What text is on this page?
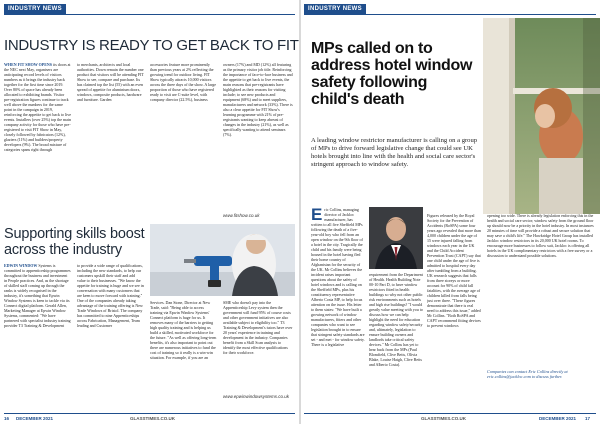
INDUSTRY NEWS
INDUSTRY IS READY TO GET BACK TO FIT
WHEN FIT SHOW OPENS its doors at the NEC next May, organisers are anticipating record levels of visitors numbers as it brings the industry back together for the first time since 2019. Over 80% of space has already been allocated to exhibiting brands. Visitor pre-registration figures continue to track well above the numbers for the same point in the campaign in 2019, reinforcing the appetite to get back to live events. Installers (over 25%) top the main company activity for those who have pre-registered to visit FIT Show in May, closely followed by fabricators (12%), glaziers (11%) and builders/property developers (9%). The broad mixture of categories spans right through
to merchants, architects and local authorities. Down remain the number one product that visitors will be attending FIT Show to see, compare and purchase. Its has claimed top the list (55) with an even spread of appetite for aluminium doors, windows, composite products, hardware and furniture. Garden
accessories feature more prominently than previous years at 2% reflecting the growing trend for outdoor living. FIT Show typically attracts 10,000 visitors across the three days of the show. A large proportion of those who have registered ready to visit are C-suite level, with company director (22.5%), business
owners (17%) and MD (12%) all featuring as the primary visitor job title. Reinforcing the importance of face-to-face business and the appetite to get back to live events, the main reasons that pre-registrants have highlighted as their reasons for visiting include; to see new products and equipment (68%) and to meet suppliers, manufacturers and network (33%). There is also a clear appetite for FIT Show's learning programme with 21% of pre-registrants wanting to keep abreast of changes in the industry (21%), as well as specifically wanting to attend seminars (7%).
www.fitshow.co.uk
Supporting skills boost across the industry
EDWIN WINDOW Systems is committed to apprenticeship programmes throughout the business and investment in People practices. And, as the shortage of skilled staff coming up through the ranks is widely recognised in the industry, it's something that Epwin Window Systems is keen to tackle via its Connect digital platform. Gerald Allen, Marketing Manager at Epwin Window Systems, commented: "We have partnered with specialist industry training provider T3 Training & Development
to provide a wide range of qualifications, including the new standards, to help our customers upskill their staff and add value to their businesses. "We know the appetite for training is huge and we see in conversation with many customers that are keen to move forward with training." One of the companies already taking advantage of the training offering is New Trade Windows of Bristol. The company has committed to nine Apprenticeships across Fabrication, Management, Team leading and Customer
Services. Dan Stone, Director at New Trade, said: "Being able to access training via Epwin Window Systems' Connect platform is huge for us. It removes many of the barriers to getting high quality training and is helping us build a skilled, motivated workforce for the future. "As well as offering long-term benefits, it's also important to point out there are numerous initiatives to fund the cost of training so it really is a win-win situation. For example, if you are an
SME who doesn't pay into the Apprenticeship Levy system then the government will fund 95% of course costs and other government initiatives are also available subject to eligibility too." T3 Training & Development's tutors have over 20 years' experience in training and development in the industry. Companies benefit from a Skill Scan analysis to identify the most effective qualifications for their workforce.
www.epwinwindowsystems.co.uk
16 DECEMBER 2021	GLASSTIMES.CO.UK
INDUSTRY NEWS
MPs called on to address hotel window safety following child's death
A leading window restrictor manufacturer is calling on a group of MPs to drive forward legislative change that could see UK hotels brought into line with the health and social care sector's stringent approach to window safety.
E ric Collins, managing director of Jackloc manufacturer, has written to all five Sheffield MPs following the death of a five-year-old boy who fell from an open window on the 9th floor of a hotel in the city. Tragically the child and his family were being housed in the hotel having fled their home country of Afghanistan for the security of the UK. Mr Collins believes the incident raises important questions about the safety of hotel windows and is calling on the Sheffield MPs, plus his constituency representative Alberto Costa MP, to help focus attention on the issue. His letter to them states: "We have built a growing network of window manufacturers, fitters and other companies who want to see legislation brought in to ensure that stringent safety standards are set - and met - for window safety. There is a legislative
requirement from the Department of Health. Health Building Note 00-10 Part D, to have window restrictors fitted in health buildings so why not other public risk environments such as hotels and high rise buildings? "I would greatly value meeting with you to discuss how we can help highlight the need for education regarding window safety/security and, ultimately, legislation to ensure building owners and landlords take critical safety devices." Mr Collins has yet to hear back from the MPs (Paul Blomfield, Clive Betts, Olivia Blake, Louise Haigh, Clive Betts and Alberto Costa).
Figures released by the Royal Society for the Prevention of Accidents (RoSPA) some four years ago revealed that more than 4,000 children under the age of 15 were injured falling from windows each year in the UK and the Child Accident Prevention Trust (CAPT) say that one child under the age of five is admitted to hospital every day after tumbling from a building. UK research suggests that falls from three storeys or more account for 90% of child fall fatalities, with the average age of children killed from falls being just over three. "These figures demonstrate that there is real need to address this issue," added Mr Collins. "Both RoSPA and CAPT recommend fitting devices to prevent windows
opening too wide. There is already legislation enforcing this in the health and social care sector; window safety from the ground floor up should now be a priority in the hotel industry. In most instances 20 minutes of time will provide a robust and secure solution that may save a child's life." The Hawkridge Hotel Group has installed Jackloc window restrictors in its 20,000 UK hotel rooms. To encourage more businesses to follow suit, Jackloc is offering all hotels in the UK complimentary restrictors with a free survey or a discussion to understand possible solutions.
Companies can contact Eric Collins directly at eric.collins@jackloc.com to discuss further.
GLASSTIMES.CO.UK	DECEMBER 2021 17
